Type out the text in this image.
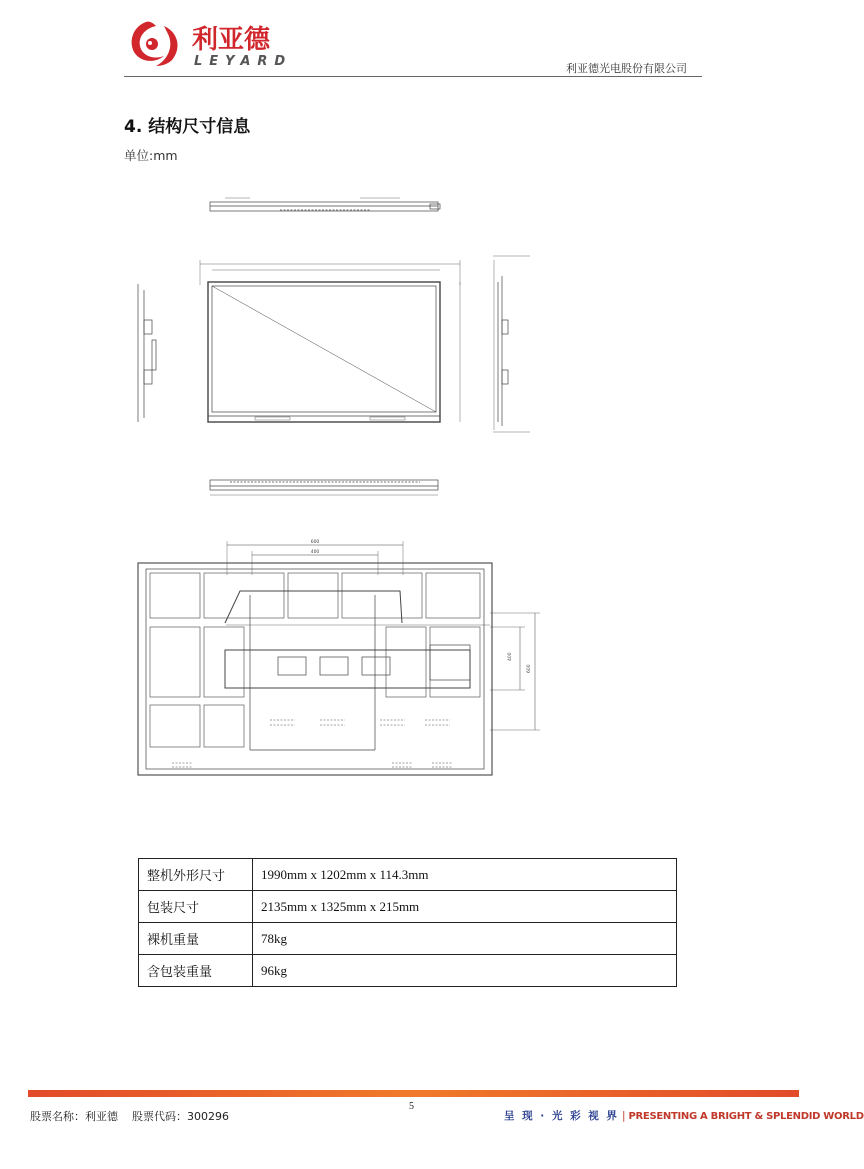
利亚德
LEYARD	利亚德光电股份有限公司
4. 结构尺寸信息
单位:mm
600
400
400
600
整机外形尺寸	1990mm x 1202mm x 114.3mm
包装尺寸	2135mm x 1325mm x 215mm
裸机重量	78kg
含包装重量	96kg
股票名称：利亚德    股票代码：300296
5
呈 现 · 光 彩 视 界 | PRESENTING A BRIGHT & SPLENDID WORLD
